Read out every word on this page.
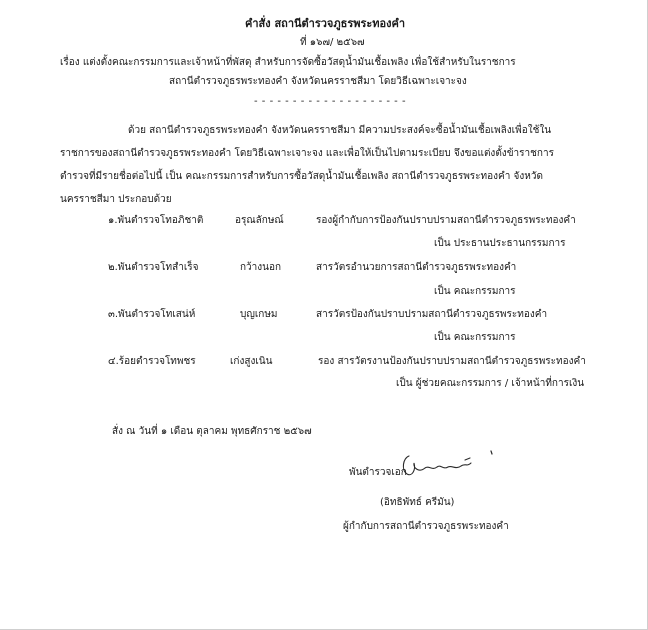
คำสั่ง สถานีตำรวจภูธรพระทองคำ
ที่ ๑๖๗/ ๒๕๖๗
เรื่อง แต่งตั้งคณะกรรมการและเจ้าหน้าที่พัสดุ สำหรับการจัดซื้อวัสดุน้ำมันเชื้อเพลิง เพื่อใช้สำหรับในราชการ
สถานีตำรวจภูธรพระทองคำ จังหวัดนครราชสีมา โดยวิธีเฉพาะเจาะจง
- - - - - - - - - - - - - - - - - - - -
ด้วย สถานีตำรวจภูธรพระทองคำ จังหวัดนครราชสีมา มีความประสงค์จะซื้อน้ำมันเชื้อเพลิงเพื่อใช้ใน
ราชการของสถานีตำรวจภูธรพระทองคำ โดยวิธีเฉพาะเจาะจง และเพื่อให้เป็นไปตามระเบียบ จึงขอแต่งตั้งข้าราชการ
ตำรวจที่มีรายชื่อต่อไปนี้ เป็น คณะกรรมการสำหรับการซื้อวัสดุน้ำมันเชื้อเพลิง สถานีตำรวจภูธรพระทองคำ จังหวัด
นครราชสีมา ประกอบด้วย
๑.พันตำรวจโทอภิชาติ	อรุณลักษณ์	รองผู้กำกับการป้องกันปราบปรามสถานีตำรวจภูธรพระทองคำ
เป็น ประธานประธานกรรมการ
๒.พันตำรวจโทสำเร็จ	กว้างนอก	สารวัตรอำนวยการสถานีตำรวจภูธรพระทองคำ
เป็น คณะกรรมการ
๓.พันตำรวจโทเสน่ห์	บุญเกษม	สารวัตรป้องกันปราบปรามสถานีตำรวจภูธรพระทองคำ
เป็น คณะกรรมการ
๔.ร้อยตำรวจโทพชร	เก่งสูงเนิน	รอง สารวัตรงานป้องกันปราบปรามสถานีตำรวจภูธรพระทองคำ
เป็น ผู้ช่วยคณะกรรมการ / เจ้าหน้าที่การเงิน
สั่ง ณ วันที่ ๑ เดือน ตุลาคม พุทธศักราช ๒๕๖๗
พันตำรวจเอก
(อิทธิพัทธ์ ครีมัน)
ผู้กำกับการสถานีตำรวจภูธรพระทองคำ
